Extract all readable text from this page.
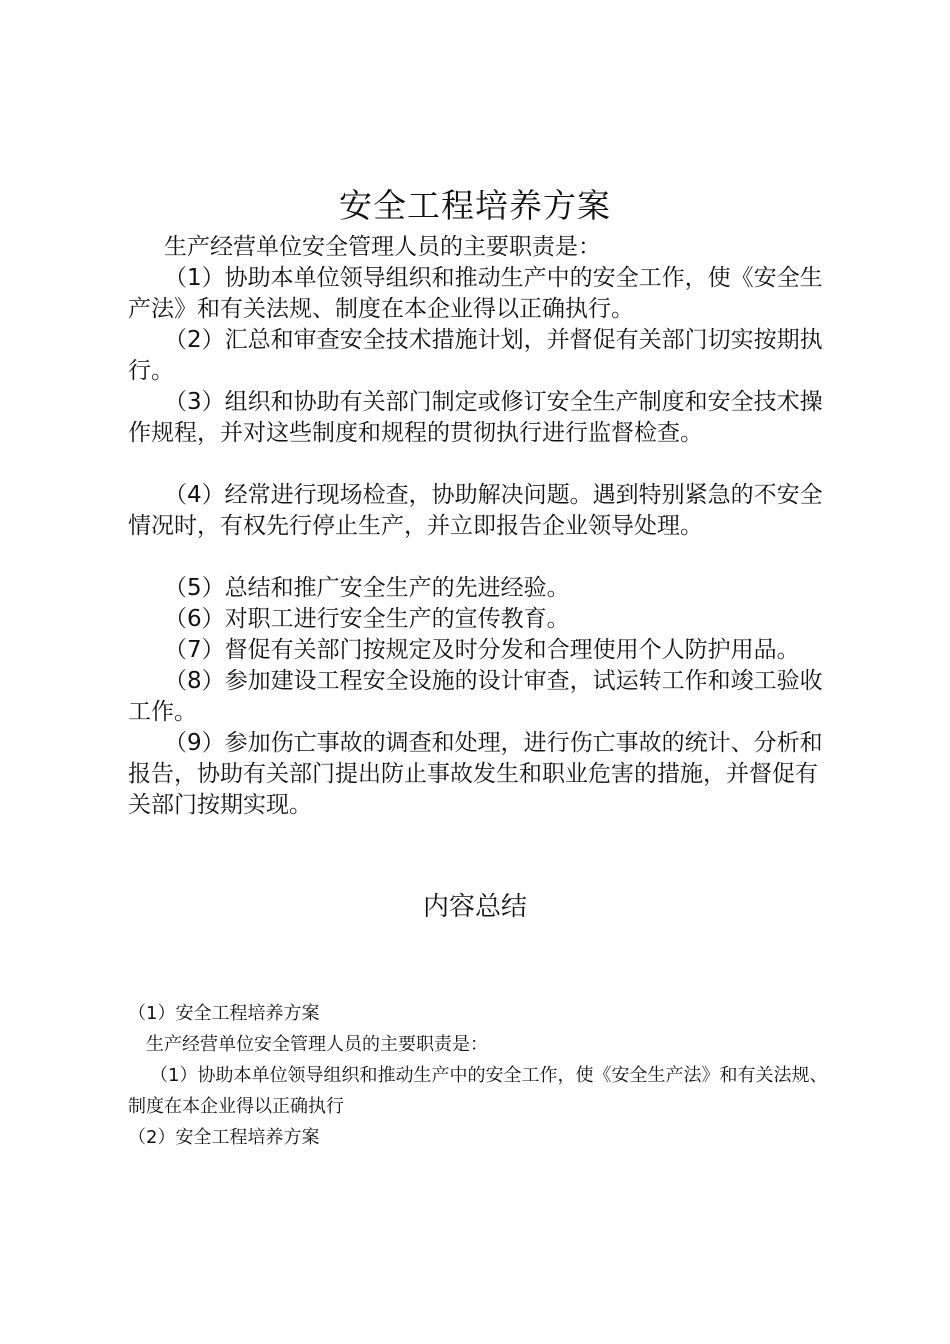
安全工程培养方案

生产经营单位安全管理人员的主要职责是：

（1）协助本单位领导组织和推动生产中的安全工作，使《安全生产法》和有关法规、制度在本企业得以正确执行。

（2）汇总和审查安全技术措施计划，并督促有关部门切实按期执行。

（3）组织和协助有关部门制定或修订安全生产制度和安全技术操作规程，并对这些制度和规程的贯彻执行进行监督检查。

（4）经常进行现场检查，协助解决问题。遇到特别紧急的不安全情况时，有权先行停止生产，并立即报告企业领导处理。

（5）总结和推广安全生产的先进经验。

（6）对职工进行安全生产的宣传教育。

（7）督促有关部门按规定及时分发和合理使用个人防护用品。

（8）参加建设工程安全设施的设计审查，试运转工作和竣工验收工作。

（9）参加伤亡事故的调查和处理，进行伤亡事故的统计、分析和报告，协助有关部门提出防止事故发生和职业危害的措施，并督促有关部门按期实现。

内容总结

（1）安全工程培养方案

生产经营单位安全管理人员的主要职责是：

（1）协助本单位领导组织和推动生产中的安全工作，使《安全生产法》和有关法规、制度在本企业得以正确执行

（2）安全工程培养方案
